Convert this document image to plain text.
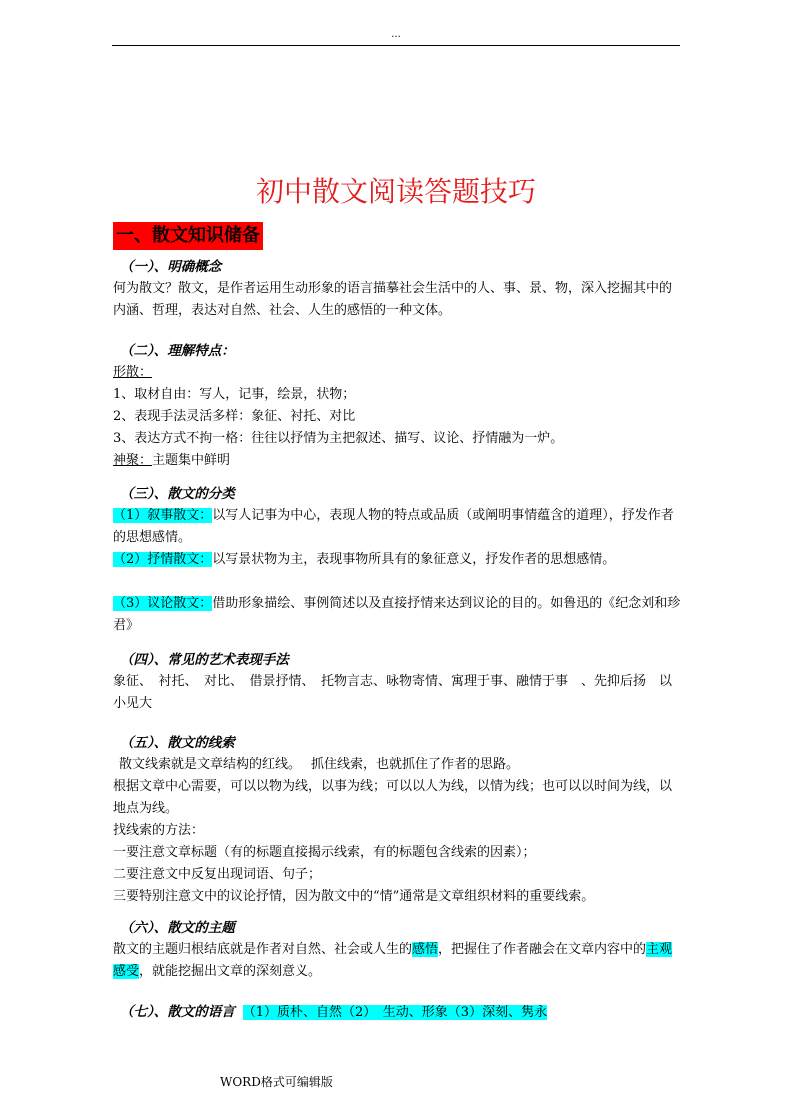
...
初中散文阅读答题技巧
一、散文知识储备
（一）、明确概念
何为散文？散文，是作者运用生动形象的语言描摹社会生活中的人、事、景、物，深入挖掘其中的内涵、哲理，表达对自然、社会、人生的感悟的一种文体。
（二）、理解特点：
形散：
1、取材自由：写人，记事，绘景，状物；
2、表现手法灵活多样：象征、衬托、对比
3、表达方式不拘一格：往往以抒情为主把叙述、描写、议论、抒情融为一炉。
神聚：主题集中鲜明
（三）、散文的分类
（1）叙事散文：以写人记事为中心，表现人物的特点或品质（或阐明事情蕴含的道理），抒发作者的思想感情。
（2）抒情散文：以写景状物为主，表现事物所具有的象征意义，抒发作者的思想感情。
（3）议论散文：借助形象描绘、事例简述以及直接抒情来达到议论的目的。如鲁迅的《纪念刘和珍君》
（四）、常见的艺术表现手法
象征、　衬托、　对比、　借景抒情、　托物言志、咏物寄情、寓理于事、融情于事　、先抑后扬　以小见大
（五）、散文的线索
散文线索就是文章结构的红线。 抓住线索，也就抓住了作者的思路。
根据文章中心需要，可以以物为线，以事为线；可以以人为线，以情为线；也可以以时间为线，以地点为线。
找线索的方法：
一要注意文章标题（有的标题直接揭示线索，有的标题包含线索的因素）；
二要注意文中反复出现词语、句子；
三要特别注意文中的议论抒情，因为散文中的“情”通常是文章组织材料的重要线索。
（六）、散文的主题
散文的主题归根结底就是作者对自然、社会或人生的感悟，把握住了作者融会在文章内容中的主观感受，就能挖掘出文章的深刻意义。
（七）、散文的语言 （1）质朴、自然（2）　生动、形象（3）深刻、隽永
WORD格式可编辑版
